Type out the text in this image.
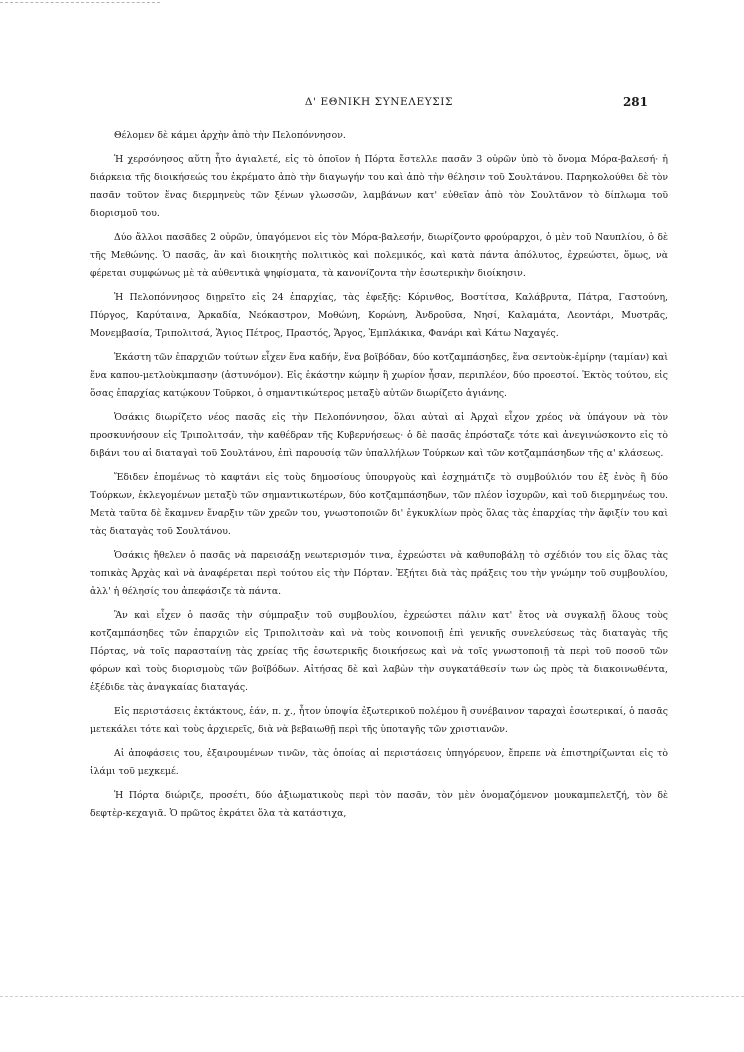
Δ' ΕΘΝΙΚΗ ΣΥΝΕΛΕΥΣΙΣ	281

Θέλομεν δὲ κάμει ἀρχὴν ἀπὸ τὴν Πελοπόννησον.

Ἡ χερσόνησος αὕτη ἦτο ἀγιαλετέ, εἰς τὸ ὁποῖον ἡ Πόρτα ἔστελλε πασᾶν 3 οὐρῶν ὑπὸ τὸ ὄνομα Μόρα-βαλεσή· ἡ διάρκεια τῆς διοικήσεώς του ἐκρέματο ἀπὸ τὴν διαγωγήν του καὶ ἀπὸ τὴν θέλησιν τοῦ Σουλτάνου. Παρηκολούθει δὲ τὸν πασᾶν τοῦτον ἕνας διερμηνεὺς τῶν ξένων γλωσσῶν, λαμβάνων κατ' εὐθεῖαν ἀπὸ τὸν Σουλτᾶνον τὸ δίπλωμα τοῦ διορισμοῦ του.

Δύο ἄλλοι πασᾶδες 2 οὐρῶν, ὑπαγόμενοι εἰς τὸν Μόρα-βαλεσήν, διωρίζοντο φρούραρχοι, ὁ μὲν τοῦ Ναυπλίου, ὁ δὲ τῆς Μεθώνης. Ὁ πασᾶς, ἂν καὶ διοικητὴς πολιτικὸς καὶ πολεμικός, καὶ κατὰ πάντα ἀπόλυτος, ἐχρεώστει, ὅμως, νὰ φέρεται συμφώνως μὲ τὰ αὐθεντικὰ ψηφίσματα, τὰ κανονίζοντα τὴν ἐσωτερικὴν διοίκησιν.

Ἡ Πελοπόννησος διῃρεῖτο εἰς 24 ἐπαρχίας, τὰς ἐφεξῆς: Κόρινθος, Βοστίτσα, Καλάβρυτα, Πάτρα, Γαστούνη, Πύργος, Καρύταινα, Ἀρκαδία, Νεόκαστρον, Μοθώνη, Κορώνη, Ἀνδροῦσα, Νησί, Καλαμάτα, Λεοντάρι, Μυστρᾶς, Μονεμβασία, Τριπολιτσά, Ἅγιος Πέτρος, Πραστός, Ἄργος, Ἐμπλάκικα, Φανάρι καὶ Κάτω Ναχαγές.

Ἑκάστη τῶν ἐπαρχιῶν τούτων εἶχεν ἕνα καδήν, ἕνα βοϊβόδαν, δύο κοτζαμπάσηδες, ἕνα σεντοὺκ-ἐμίρην (ταμίαν) καὶ ἕνα καπου-μετλοὺκμπασην (ἀστυνόμον). Εἰς ἑκάστην κώμην ἢ χωρίον ἦσαν, περιπλέον, δύο προεστοί. Ἐκτὸς τούτου, εἰς ὅσας ἐπαρχίας κατῴκουν Τοῦρκοι, ὁ σημαντικώτερος μεταξὺ αὐτῶν διωρίζετο ἀγιάνης.

Ὁσάκις διωρίζετο νέος πασᾶς εἰς τὴν Πελοπόννησον, ὅλαι αὐταὶ αἱ Ἀρχαὶ εἶχον χρέος νὰ ὑπάγουν νὰ τὸν προσκυνήσουν εἰς Τριπολιτσάν, τὴν καθέδραν τῆς Κυβερνήσεως· ὁ δὲ πασᾶς ἐπρόσταζε τότε καὶ ἀνεγινώσκοντο εἰς τὸ διβάνι του αἱ διαταγαὶ τοῦ Σουλτάνου, ἐπὶ παρουσίᾳ τῶν ὑπαλλήλων Τούρκων καὶ τῶν κοτζαμπάσηδων τῆς α' κλάσεως.

Ἔδιδεν ἑπομένως τὸ καφτάνι εἰς τοὺς δημοσίους ὑπουργοὺς καὶ ἐσχημάτιζε τὸ συμβούλιόν του ἐξ ἑνὸς ἢ δύο Τούρκων, ἐκλεγομένων μεταξὺ τῶν σημαντικωτέρων, δύο κοτζαμπάσηδων, τῶν πλέον ἰσχυρῶν, καὶ τοῦ διερμηνέως του. Μετὰ ταῦτα δὲ ἔκαμνεν ἔναρξιν τῶν χρεῶν του, γνωστοποιῶν δι' ἐγκυκλίων πρὸς ὅλας τὰς ἐπαρχίας τὴν ἄφιξίν του καὶ τὰς διαταγὰς τοῦ Σουλτάνου.

Ὁσάκις ἤθελεν ὁ πασᾶς νὰ παρεισάξῃ νεωτερισμόν τινα, ἐχρεώστει νὰ καθυποβάλῃ τὸ σχέδιόν του εἰς ὅλας τὰς τοπικὰς Ἀρχὰς καὶ νὰ ἀναφέρεται περὶ τούτου εἰς τὴν Πόρταν. Ἐξήτει διὰ τὰς πράξεις του τὴν γνώμην τοῦ συμβουλίου, ἀλλ' ἡ θέλησίς του ἀπεφάσιζε τὰ πάντα.

Ἂν καὶ εἶχεν ὁ πασᾶς τὴν σύμπραξιν τοῦ συμβουλίου, ἐχρεώστει πάλιν κατ' ἔτος νὰ συγκαλῇ ὅλους τοὺς κοτζαμπάσηδες τῶν ἐπαρχιῶν εἰς Τριπολιτσὰν καὶ νὰ τοὺς κοινοποιῇ ἐπὶ γενικῆς συνελεύσεως τὰς διαταγὰς τῆς Πόρτας, νὰ τοῖς παρασταίνῃ τὰς χρείας τῆς ἐσωτερικῆς διοικήσεως καὶ νὰ τοῖς γνωστοποιῇ τὰ περὶ τοῦ ποσοῦ τῶν φόρων καὶ τοὺς διορισμοὺς τῶν βοϊβόδων. Αἰτήσας δὲ καὶ λαβὼν τὴν συγκατάθεσίν των ὡς πρὸς τὰ διακοινωθέντα, ἐξέδιδε τὰς ἀναγκαίας διαταγάς.

Εἰς περιστάσεις ἐκτάκτους, ἐάν, π. χ., ἦτον ὑποψία ἐξωτερικοῦ πολέμου ἢ συνέβαινον ταραχαὶ ἐσωτερικαί, ὁ πασᾶς μετεκάλει τότε καὶ τοὺς ἀρχιερεῖς, διὰ νὰ βεβαιωθῇ περὶ τῆς ὑποταγῆς τῶν χριστιανῶν.

Αἱ ἀποφάσεις του, ἐξαιρουμένων τινῶν, τὰς ὁποίας αἱ περιστάσεις ὑπηγόρευον, ἔπρεπε νὰ ἐπιστηρίζωνται εἰς τὸ ἰλάμι τοῦ μεχκεμέ.

Ἡ Πόρτα διώριζε, προσέτι, δύο ἀξιωματικοὺς περὶ τὸν πασᾶν, τὸν μὲν ὀνομαζόμενον μουκαμπελετζή, τὸν δὲ δεφτὲρ-κεχαγιᾶ. Ὁ πρῶτος ἐκράτει ὅλα τὰ κατάστιχα,
